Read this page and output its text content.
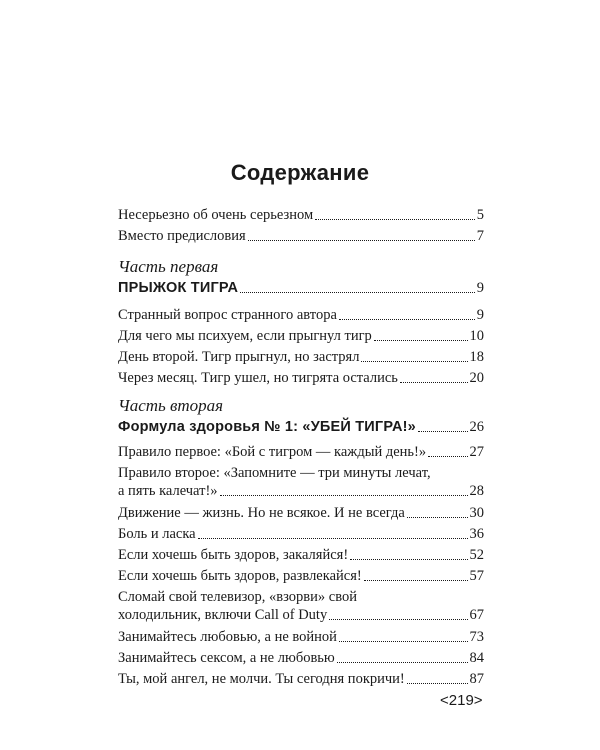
Содержание
Несерьезно об очень серьезном	5
Вместо предисловия	7
Часть первая
ПРЫЖОК ТИГРА	9
Странный вопрос странного автора	9
Для чего мы психуем, если прыгнул тигр	10
День второй. Тигр прыгнул, но застрял	18
Через месяц. Тигр ушел, но тигрята остались	20
Часть вторая
Формула здоровья № 1: «УБЕЙ ТИГРА!»	26
Правило первое: «Бой с тигром — каждый день!»	27
Правило второе: «Запомните — три минуты лечат,
а пять калечат!»	28
Движение — жизнь. Но не всякое. И не всегда	30
Боль и ласка	36
Если хочешь быть здоров, закаляйся!	52
Если хочешь быть здоров, развлекайся!	57
Сломай свой телевизор, «взорви» свой
холодильник, включи Call of Duty	67
Занимайтесь любовью, а не войной	73
Занимайтесь сексом, а не любовью	84
Ты, мой ангел, не молчи. Ты сегодня покричи!	87
<219>
